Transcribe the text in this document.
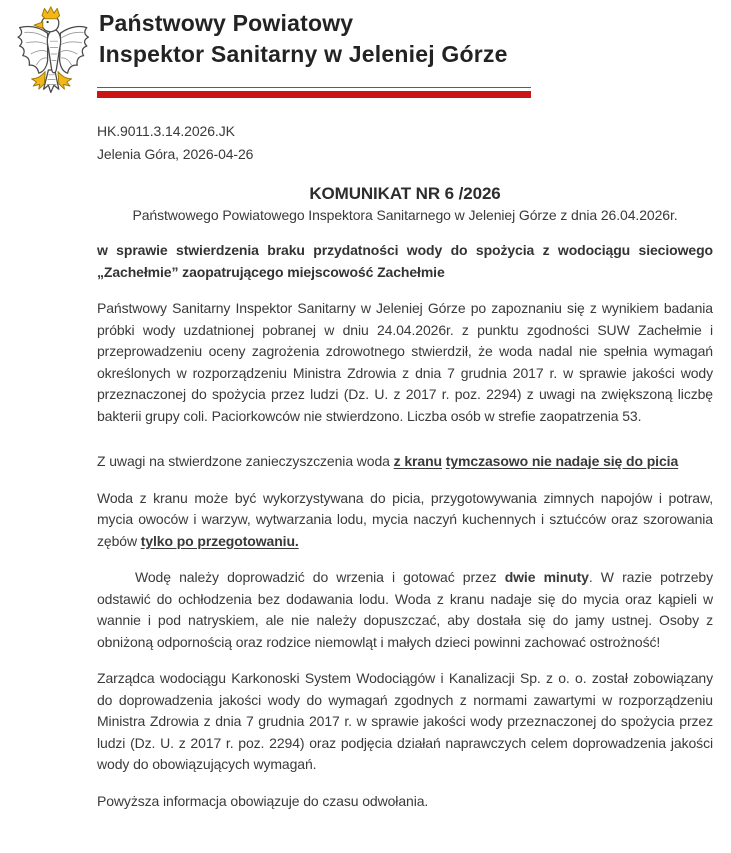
Państwowy Powiatowy
Inspektor Sanitarny w Jeleniej Górze
HK.9011.3.14.2026.JK
Jelenia Góra, 2026-04-26
KOMUNIKAT NR 6 /2026
Państwowego Powiatowego Inspektora Sanitarnego w Jeleniej Górze z dnia 26.04.2026r.
w sprawie stwierdzenia braku przydatności wody do spożycia z wodociągu sieciowego „Zachełmie” zaopatrującego miejscowość Zachełmie
Państwowy Sanitarny Inspektor Sanitarny w Jeleniej Górze po zapoznaniu się z wynikiem badania próbki wody uzdatnionej pobranej w dniu 24.04.2026r. z punktu zgodności SUW Zachełmie i przeprowadzeniu oceny zagrożenia zdrowotnego stwierdził, że woda nadal nie spełnia wymagań określonych w rozporządzeniu Ministra Zdrowia z dnia 7 grudnia 2017 r. w sprawie jakości wody przeznaczonej do spożycia przez ludzi (Dz. U. z 2017 r. poz. 2294) z uwagi na zwiększoną liczbę bakterii grupy coli. Paciorkowców nie stwierdzono. Liczba osób w strefie zaopatrzenia 53.
Z uwagi na stwierdzone zanieczyszczenia woda z kranu tymczasowo nie nadaje się do picia
Woda z kranu może być wykorzystywana do picia, przygotowywania zimnych napojów i potraw, mycia owoców i warzyw, wytwarzania lodu, mycia naczyń kuchennych i sztućców oraz szorowania zębów tylko po przegotowaniu.
Wodę należy doprowadzić do wrzenia i gotować przez dwie minuty. W razie potrzeby odstawić do ochłodzenia bez dodawania lodu. Woda z kranu nadaje się do mycia oraz kąpieli w wannie i pod natryskiem, ale nie należy dopuszczać, aby dostała się do jamy ustnej. Osoby z obniżoną odpornością oraz rodzice niemowląt i małych dzieci powinni zachować ostrożność!
Zarządca wodociągu Karkonoski System Wodociągów i Kanalizacji Sp. z o. o. został zobowiązany do doprowadzenia jakości wody do wymagań zgodnych z normami zawartymi w rozporządzeniu Ministra Zdrowia z dnia 7 grudnia 2017 r. w sprawie jakości wody przeznaczonej do spożycia przez ludzi (Dz. U. z 2017 r. poz. 2294) oraz podjęcia działań naprawczych celem doprowadzenia jakości wody do obowiązujących wymagań.
Powyższa informacja obowiązuje do czasu odwołania.
